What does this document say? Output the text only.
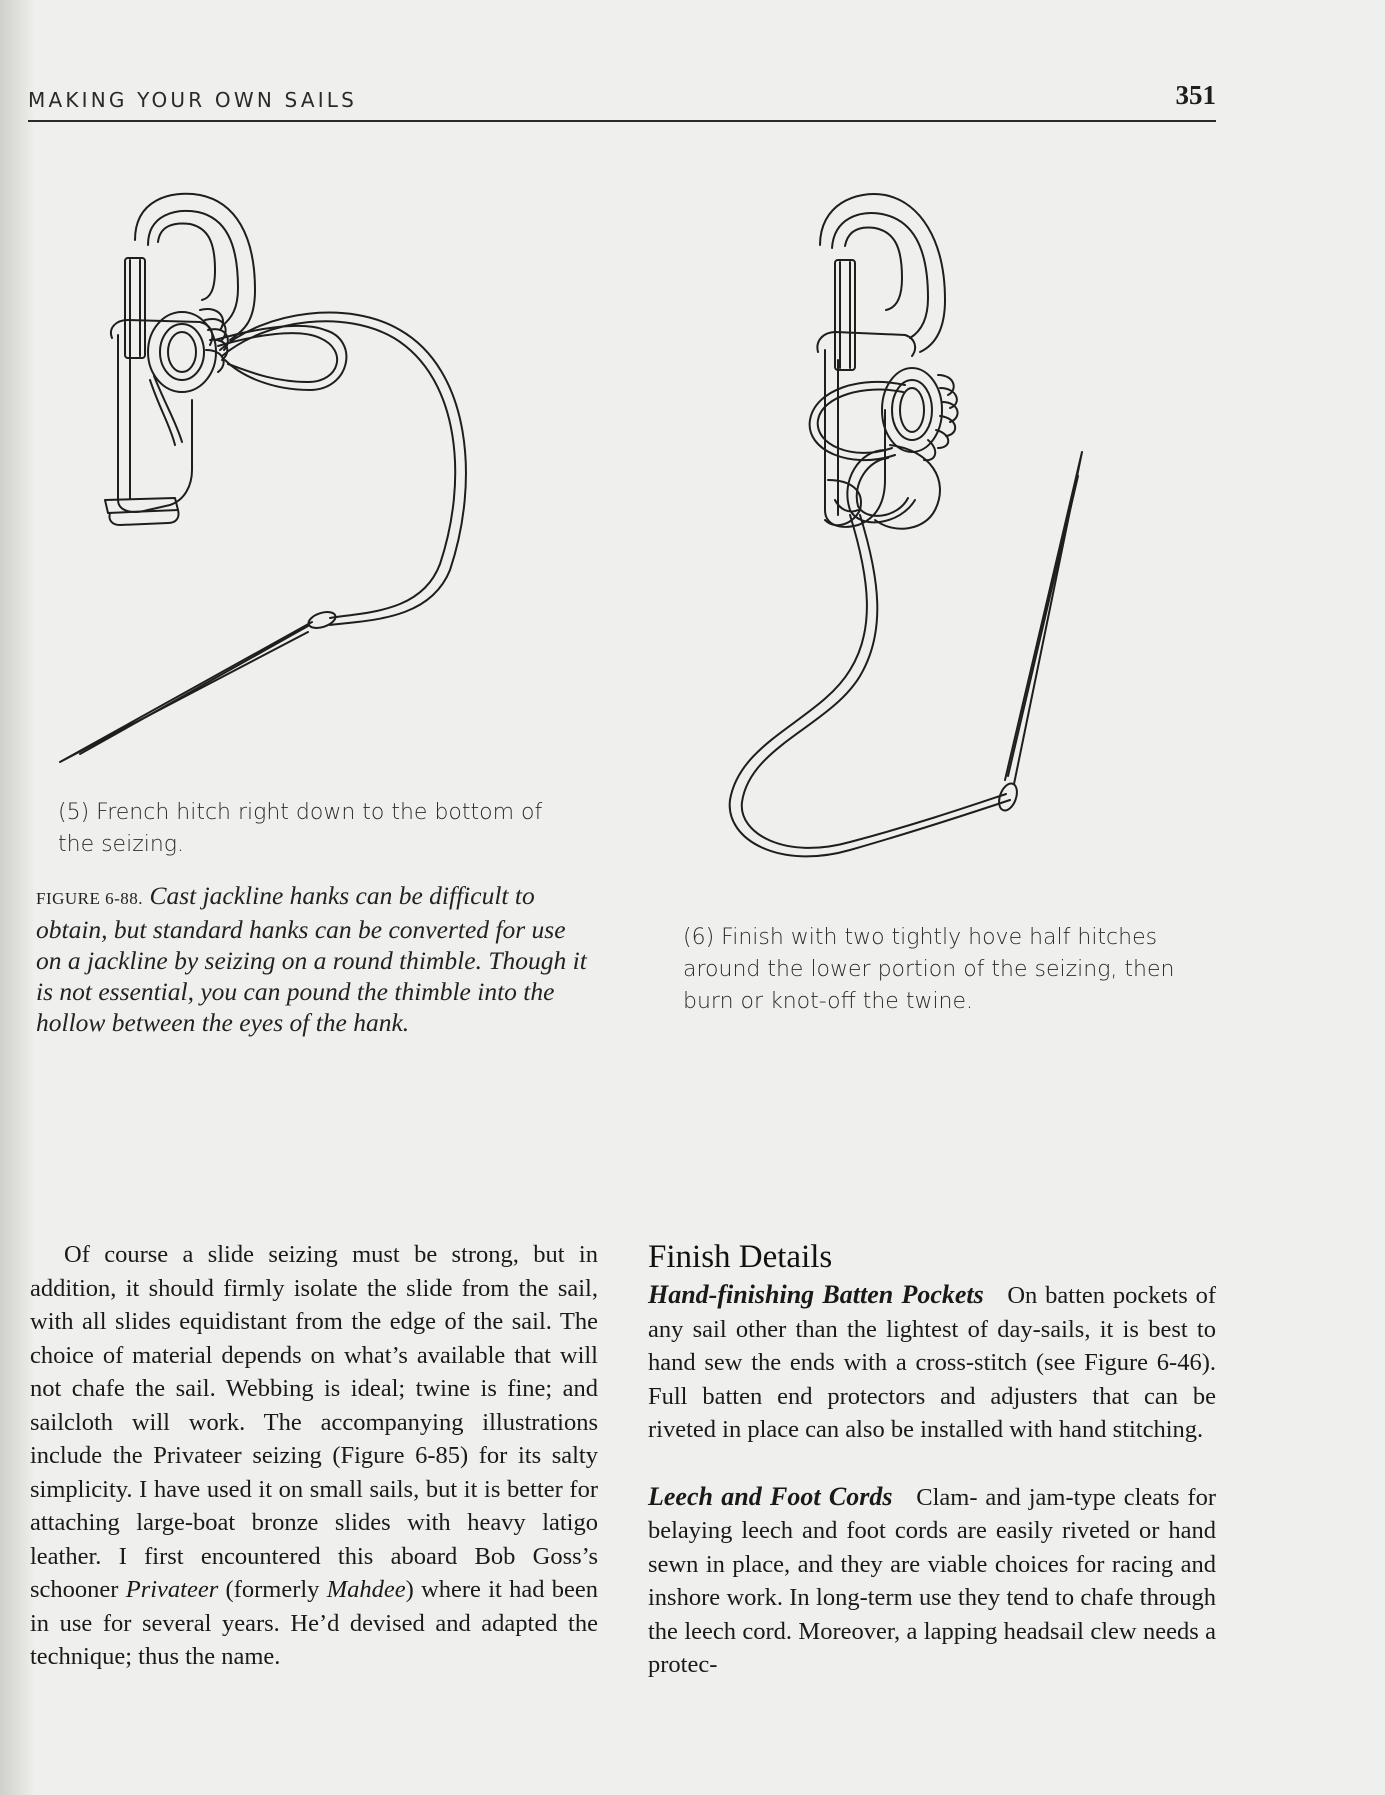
MAKING YOUR OWN SAILS	351
(5) French hitch right down to the bottom of the seizing.
FIGURE 6-88. Cast jackline hanks can be difficult to obtain, but standard hanks can be converted for use on a jackline by seizing on a round thimble. Though it is not essential, you can pound the thimble into the hollow between the eyes of the hank.
(6) Finish with two tightly hove half hitches around the lower portion of the seizing, then burn or knot-off the twine.

Of course a slide seizing must be strong, but in addition, it should firmly isolate the slide from the sail, with all slides equidistant from the edge of the sail. The choice of material depends on what’s available that will not chafe the sail. Webbing is ideal; twine is fine; and sailcloth will work. The accompanying illustrations include the Privateer seizing (Figure 6-85) for its salty simplicity. I have used it on small sails, but it is better for attaching large-boat bronze slides with heavy latigo leather. I first encountered this aboard Bob Goss’s schooner Privateer (formerly Mahdee) where it had been in use for several years. He’d devised and adapted the technique; thus the name.

Finish Details

Hand-finishing Batten Pockets On batten pockets of any sail other than the lightest of day-sails, it is best to hand sew the ends with a cross-stitch (see Figure 6-46). Full batten end protectors and adjusters that can be riveted in place can also be installed with hand stitching.

Leech and Foot Cords Clam- and jam-type cleats for belaying leech and foot cords are easily riveted or hand sewn in place, and they are viable choices for racing and inshore work. In long-term use they tend to chafe through the leech cord. Moreover, a lapping headsail clew needs a protec-
